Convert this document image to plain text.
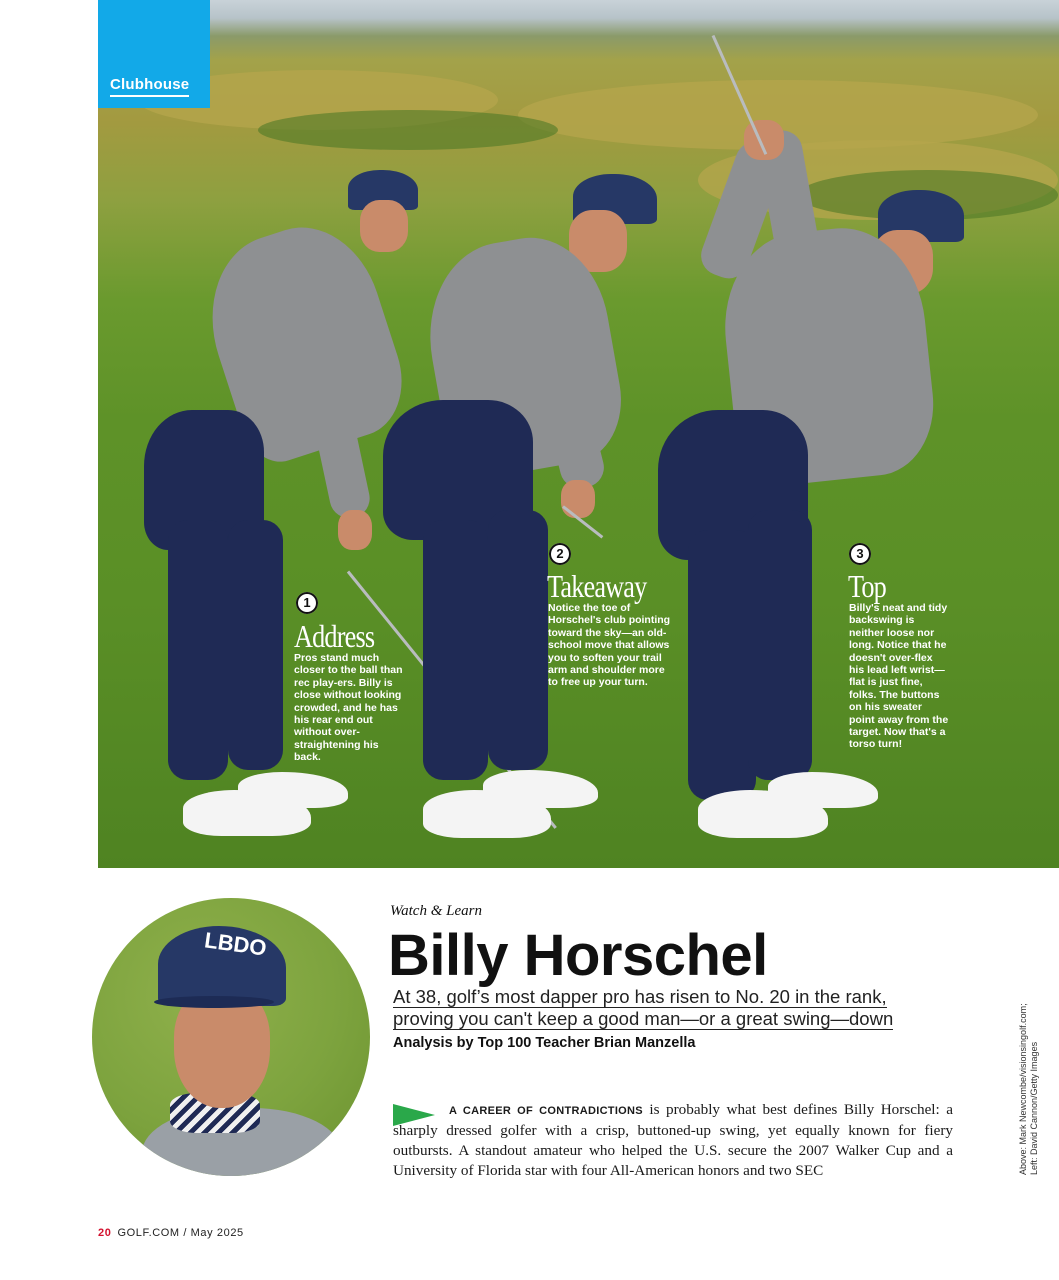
Clubhouse
1
Address
Pros stand much closer to the ball than rec play-ers. Billy is close without looking crowded, and he has his rear end out without over-straightening his back.
2
Takeaway
Notice the toe of Horschel's club pointing toward the sky—an old-school move that allows you to soften your trail arm and shoulder more to free up your turn.
3
Top
Billy's neat and tidy backswing is neither loose nor long. Notice that he doesn't over-flex his lead left wrist—flat is just fine, folks. The buttons on his sweater point away from the target. Now that's a torso turn!
LBDO
Watch & Learn
Billy Horschel
At 38, golf’s most dapper pro has risen to No. 20 in the rank,
proving you can't keep a good man—or a great swing—down
Analysis by Top 100 Teacher Brian Manzella
A CAREER OF CONTRADICTIONS is probably what best defines Billy Horschel: a sharply dressed golfer with a crisp, buttoned-up swing, yet equally known for fiery outbursts. A standout amateur who helped the U.S. secure the 2007 Walker Cup and a University of Florida star with four All-American honors and two SEC	Above: Mark Newcombe/visionsingolf.com; Left: David Cannon/Getty Images
20 GOLF.COM / May 2025
